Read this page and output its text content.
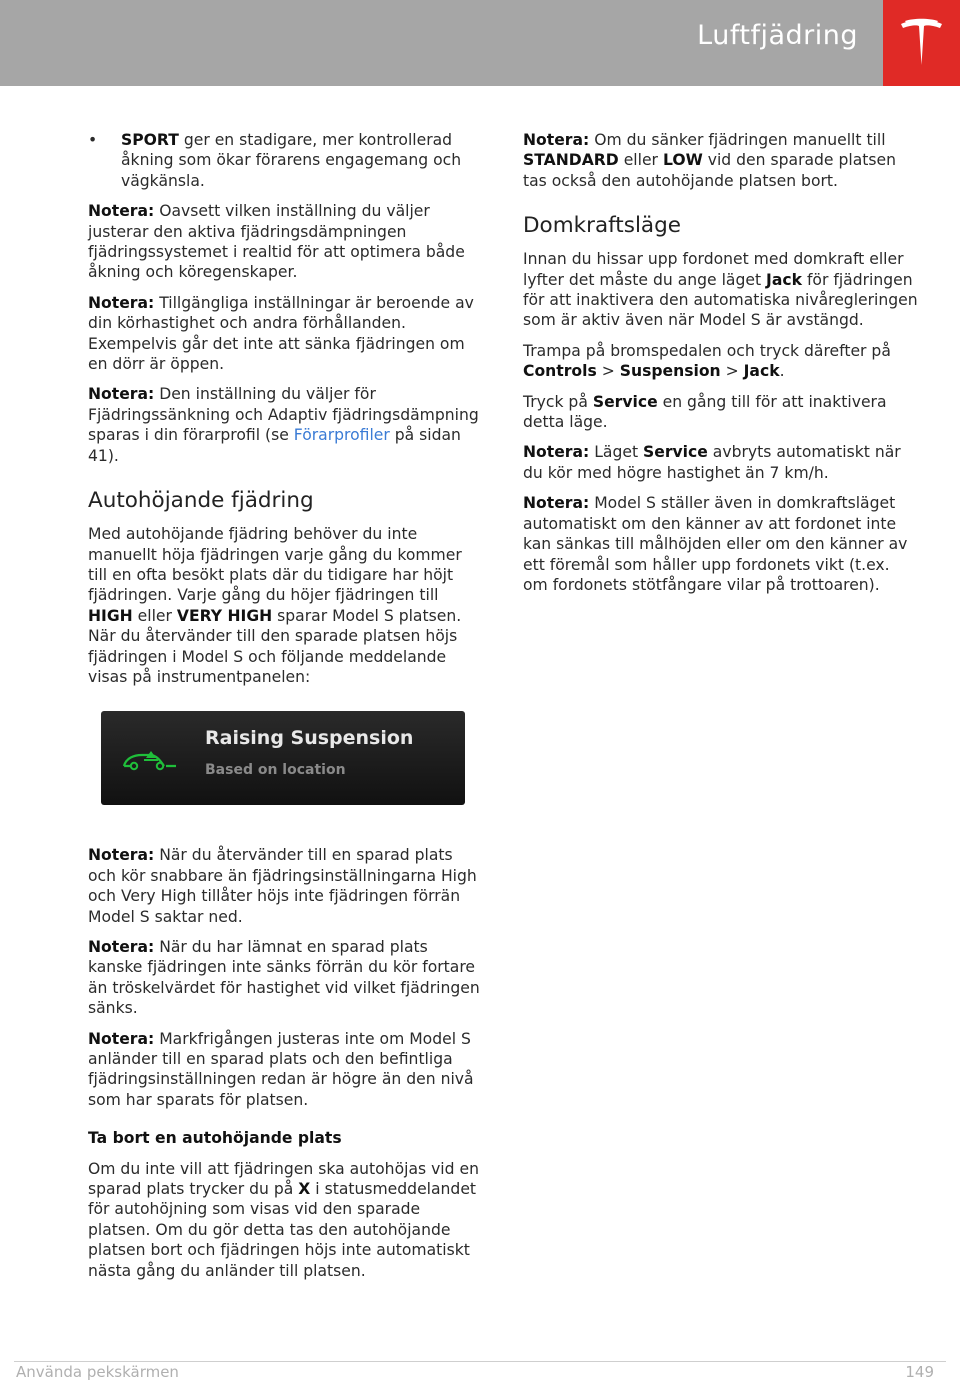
Luftfjädring
• SPORT ger en stadigare, mer kontrollerad åkning som ökar förarens engagemang och vägkänsla.

Notera: Oavsett vilken inställning du väljer justerar den aktiva fjädringsdämpningen fjädringssystemet i realtid för att optimera både åkning och köregenskaper.

Notera: Tillgängliga inställningar är beroende av din körhastighet och andra förhållanden. Exempelvis går det inte att sänka fjädringen om en dörr är öppen.

Notera: Den inställning du väljer för Fjädringssänkning och Adaptiv fjädringsdämpning sparas i din förarprofil (se Förarprofiler på sidan 41).

Autohöjande fjädring

Med autohöjande fjädring behöver du inte manuellt höja fjädringen varje gång du kommer till en ofta besökt plats där du tidigare har höjt fjädringen. Varje gång du höjer fjädringen till HIGH eller VERY HIGH sparar Model S platsen. När du återvänder till den sparade platsen höjs fjädringen i Model S och följande meddelande visas på instrumentpanelen:

Raising Suspension
Based on location

Notera: När du återvänder till en sparad plats och kör snabbare än fjädringsinställningarna High och Very High tillåter höjs inte fjädringen förrän Model S saktar ned.

Notera: När du har lämnat en sparad plats kanske fjädringen inte sänks förrän du kör fortare än tröskelvärdet för hastighet vid vilket fjädringen sänks.

Notera: Markfrigången justeras inte om Model S anländer till en sparad plats och den befintliga fjädringsinställningen redan är högre än den nivå som har sparats för platsen.

Ta bort en autohöjande plats

Om du inte vill att fjädringen ska autohöjas vid en sparad plats trycker du på X i statusmeddelandet för autohöjning som visas vid den sparade platsen. Om du gör detta tas den autohöjande platsen bort och fjädringen höjs inte automatiskt nästa gång du anländer till platsen.

Notera: Om du sänker fjädringen manuellt till STANDARD eller LOW vid den sparade platsen tas också den autohöjande platsen bort.

Domkraftsläge

Innan du hissar upp fordonet med domkraft eller lyfter det måste du ange läget Jack för fjädringen för att inaktivera den automatiska nivåregleringen som är aktiv även när Model S är avstängd.

Trampa på bromspedalen och tryck därefter på Controls > Suspension > Jack.

Tryck på Service en gång till för att inaktivera detta läge.

Notera: Läget Service avbryts automatiskt när du kör med högre hastighet än 7 km/h.

Notera: Model S ställer även in domkraftsläget automatiskt om den känner av att fordonet inte kan sänkas till målhöjden eller om den känner av ett föremål som håller upp fordonets vikt (t.ex. om fordonets stötfångare vilar på trottoaren).

Använda pekskärmen	149
